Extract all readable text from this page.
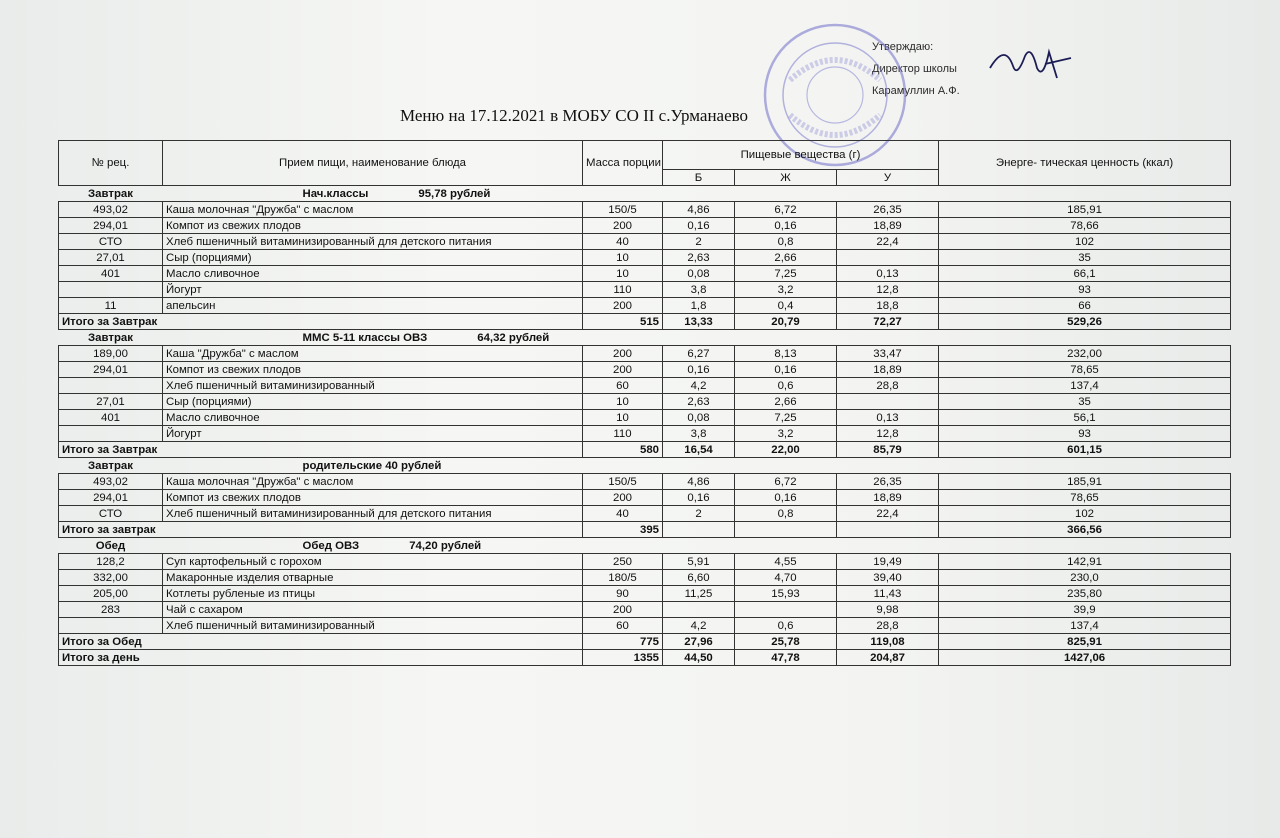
Утверждаю:
Директор школы
Карамуллин А.Ф.
Меню на 17.12.2021 в МОБУ СО II с.Урманаево
№ рец.	Прием пищи, наименование блюда	Масса порции	Пищевые вещества (г)			Энерге- тическая ценность (ккал)
			Б	Ж	У	
Завтрак	Нач.классы 95,78 рублей					
493,02	Каша молочная "Дружба" с маслом	150/5	4,86	6,72	26,35	185,91
294,01	Компот из свежих плодов	200	0,16	0,16	18,89	78,66
СТО	Хлеб пшеничный витаминизированный для детского питания	40	2	0,8	22,4	102
27,01	Сыр (порциями)	10	2,63	2,66		35
401	Масло сливочное	10	0,08	7,25	0,13	66,1
	Йогурт	110	3,8	3,2	12,8	93
11	апельсин	200	1,8	0,4	18,8	66
Итого за Завтрак		515	13,33	20,79	72,27	529,26
Завтрак	ММС 5-11 классы ОВЗ 64,32 рублей					
189,00	Каша "Дружба" с маслом	200	6,27	8,13	33,47	232,00
294,01	Компот из свежих плодов	200	0,16	0,16	18,89	78,65
	Хлеб пшеничный витаминизированный	60	4,2	0,6	28,8	137,4
27,01	Сыр (порциями)	10	2,63	2,66		35
401	Масло сливочное	10	0,08	7,25	0,13	56,1
	Йогурт	110	3,8	3,2	12,8	93
Итого за Завтрак		580	16,54	22,00	85,79	601,15
Завтрак	родительские 40 рублей					
493,02	Каша молочная "Дружба" с маслом	150/5	4,86	6,72	26,35	185,91
294,01	Компот из свежих плодов	200	0,16	0,16	18,89	78,65
СТО	Хлеб пшеничный витаминизированный для детского питания	40	2	0,8	22,4	102
Итого за завтрак		395				366,56
Обед	Обед ОВЗ 74,20 рублей					
128,2	Суп картофельный с горохом	250	5,91	4,55	19,49	142,91
332,00	Макаронные изделия отварные	180/5	6,60	4,70	39,40	230,0
205,00	Котлеты рубленые из птицы	90	11,25	15,93	11,43	235,80
283	Чай с сахаром	200			9,98	39,9
	Хлеб пшеничный витаминизированный	60	4,2	0,6	28,8	137,4
Итого за Обед		775	27,96	25,78	119,08	825,91
Итого за день		1355	44,50	47,78	204,87	1427,06
